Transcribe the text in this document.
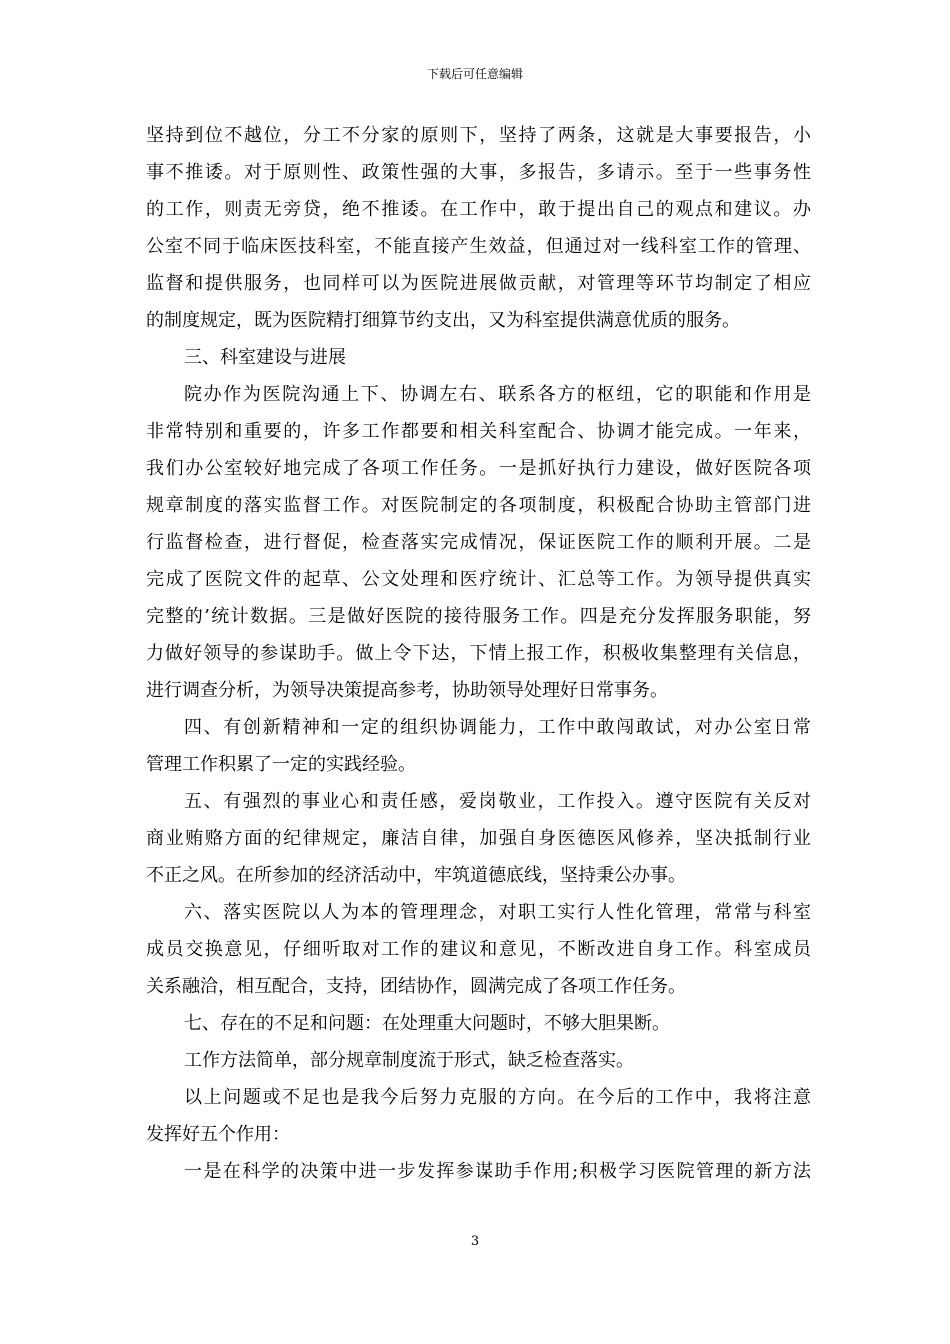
下载后可任意编辑
坚持到位不越位，分工不分家的原则下，坚持了两条，这就是大事要报告，小
事不推诿。对于原则性、政策性强的大事，多报告，多请示。至于一些事务性
的工作，则责无旁贷，绝不推诿。在工作中，敢于提出自己的观点和建议。办
公室不同于临床医技科室，不能直接产生效益，但通过对一线科室工作的管理、
监督和提供服务，也同样可以为医院进展做贡献，对管理等环节均制定了相应
的制度规定，既为医院精打细算节约支出，又为科室提供满意优质的服务。
三、科室建设与进展
院办作为医院沟通上下、协调左右、联系各方的枢纽，它的职能和作用是
非常特别和重要的，许多工作都要和相关科室配合、协调才能完成。一年来，
我们办公室较好地完成了各项工作任务。一是抓好执行力建设，做好医院各项
规章制度的落实监督工作。对医院制定的各项制度，积极配合协助主管部门进
行监督检查，进行督促，检查落实完成情况，保证医院工作的顺利开展。二是
完成了医院文件的起草、公文处理和医疗统计、汇总等工作。为领导提供真实
完整的’统计数据。三是做好医院的接待服务工作。四是充分发挥服务职能，努
力做好领导的参谋助手。做上令下达，下情上报工作，积极收集整理有关信息，
进行调查分析，为领导决策提高参考，协助领导处理好日常事务。
四、有创新精神和一定的组织协调能力，工作中敢闯敢试，对办公室日常
管理工作积累了一定的实践经验。
五、有强烈的事业心和责任感，爱岗敬业，工作投入。遵守医院有关反对
商业贿赂方面的纪律规定，廉洁自律，加强自身医德医风修养，坚决抵制行业
不正之风。在所参加的经济活动中，牢筑道德底线，坚持秉公办事。
六、落实医院以人为本的管理理念，对职工实行人性化管理，常常与科室
成员交换意见，仔细听取对工作的建议和意见，不断改进自身工作。科室成员
关系融洽，相互配合，支持，团结协作，圆满完成了各项工作任务。
七、存在的不足和问题：在处理重大问题时，不够大胆果断。
工作方法简单，部分规章制度流于形式，缺乏检查落实。
以上问题或不足也是我今后努力克服的方向。在今后的工作中，我将注意
发挥好五个作用：
一是在科学的决策中进一步发挥参谋助手作用;积极学习医院管理的新方法
3
